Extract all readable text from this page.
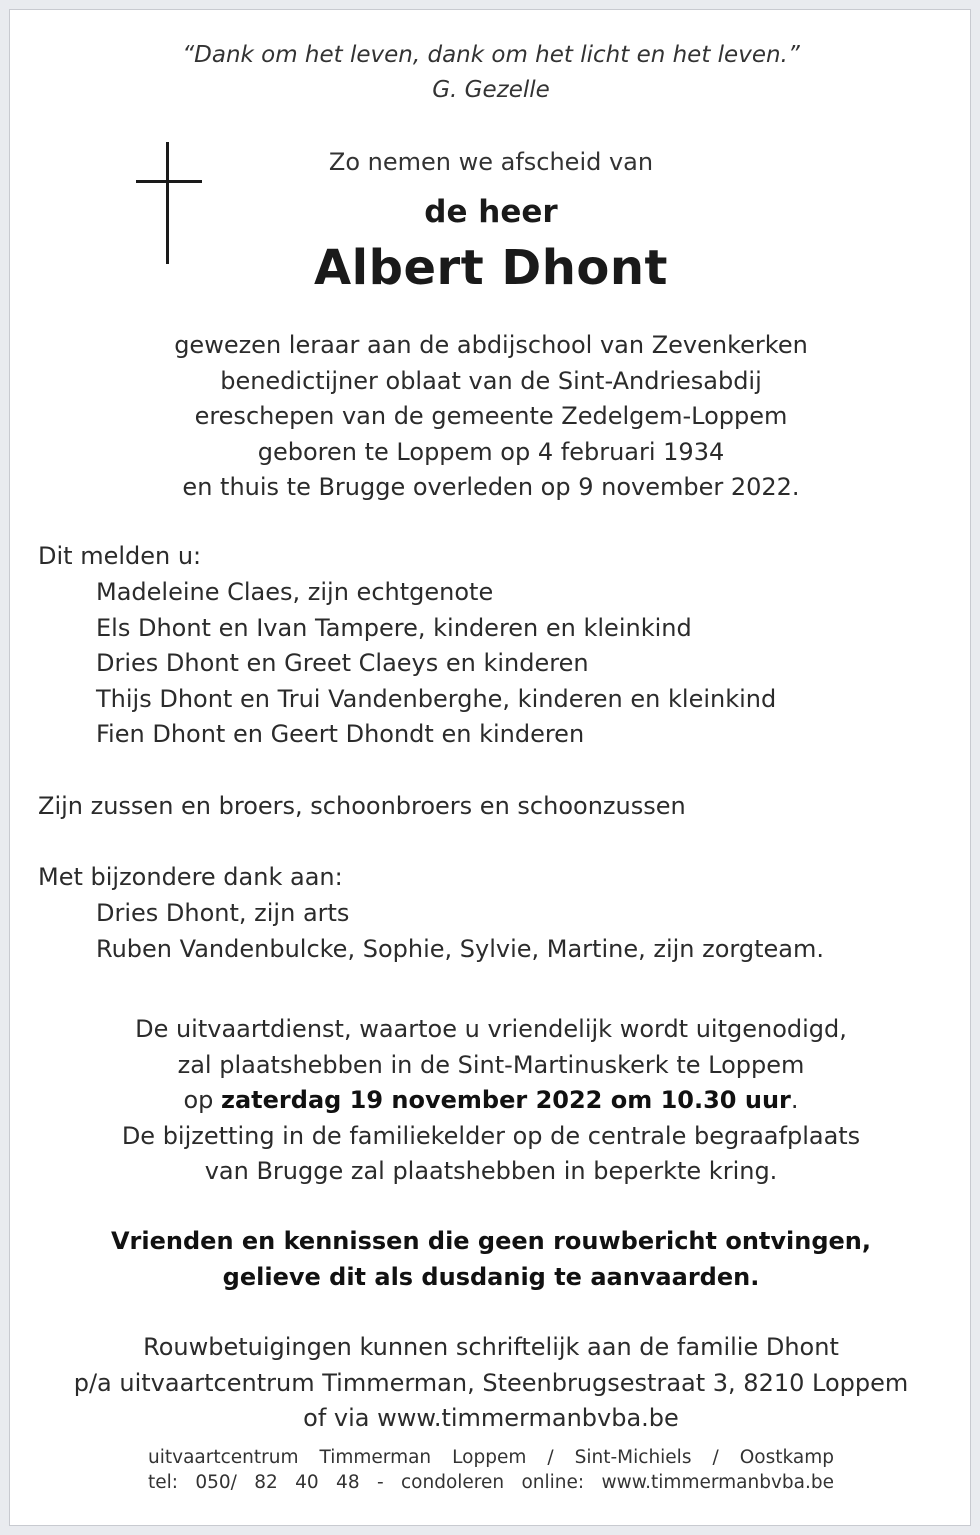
“Dank om het leven, dank om het licht en het leven.”
G. Gezelle
Zo nemen we afscheid van
de heer
Albert Dhont
gewezen leraar aan de abdijschool van Zevenkerken
benedictijner oblaat van de Sint-Andriesabdij
ereschepen van de gemeente Zedelgem-Loppem
geboren te Loppem op 4 februari 1934
en thuis te Brugge overleden op 9 november 2022.
Dit melden u:
Madeleine Claes, zijn echtgenote
Els Dhont en Ivan Tampere, kinderen en kleinkind
Dries Dhont en Greet Claeys en kinderen
Thijs Dhont en Trui Vandenberghe, kinderen en kleinkind
Fien Dhont en Geert Dhondt en kinderen
Zijn zussen en broers, schoonbroers en schoonzussen
Met bijzondere dank aan:
Dries Dhont, zijn arts
Ruben Vandenbulcke, Sophie, Sylvie, Martine, zijn zorgteam.
De uitvaartdienst, waartoe u vriendelijk wordt uitgenodigd,
zal plaatshebben in de Sint-Martinuskerk te Loppem
op zaterdag 19 november 2022 om 10.30 uur.
De bijzetting in de familiekelder op de centrale begraafplaats
van Brugge zal plaatshebben in beperkte kring.
Vrienden en kennissen die geen rouwbericht ontvingen,
gelieve dit als dusdanig te aanvaarden.
Rouwbetuigingen kunnen schriftelijk aan de familie Dhont
p/a uitvaartcentrum Timmerman, Steenbrugsestraat 3, 8210 Loppem
of via www.timmermanbvba.be
uitvaartcentrum Timmerman Loppem / Sint-Michiels / Oostkamp
tel: 050/ 82 40 48 - condoleren online: www.timmermanbvba.be
